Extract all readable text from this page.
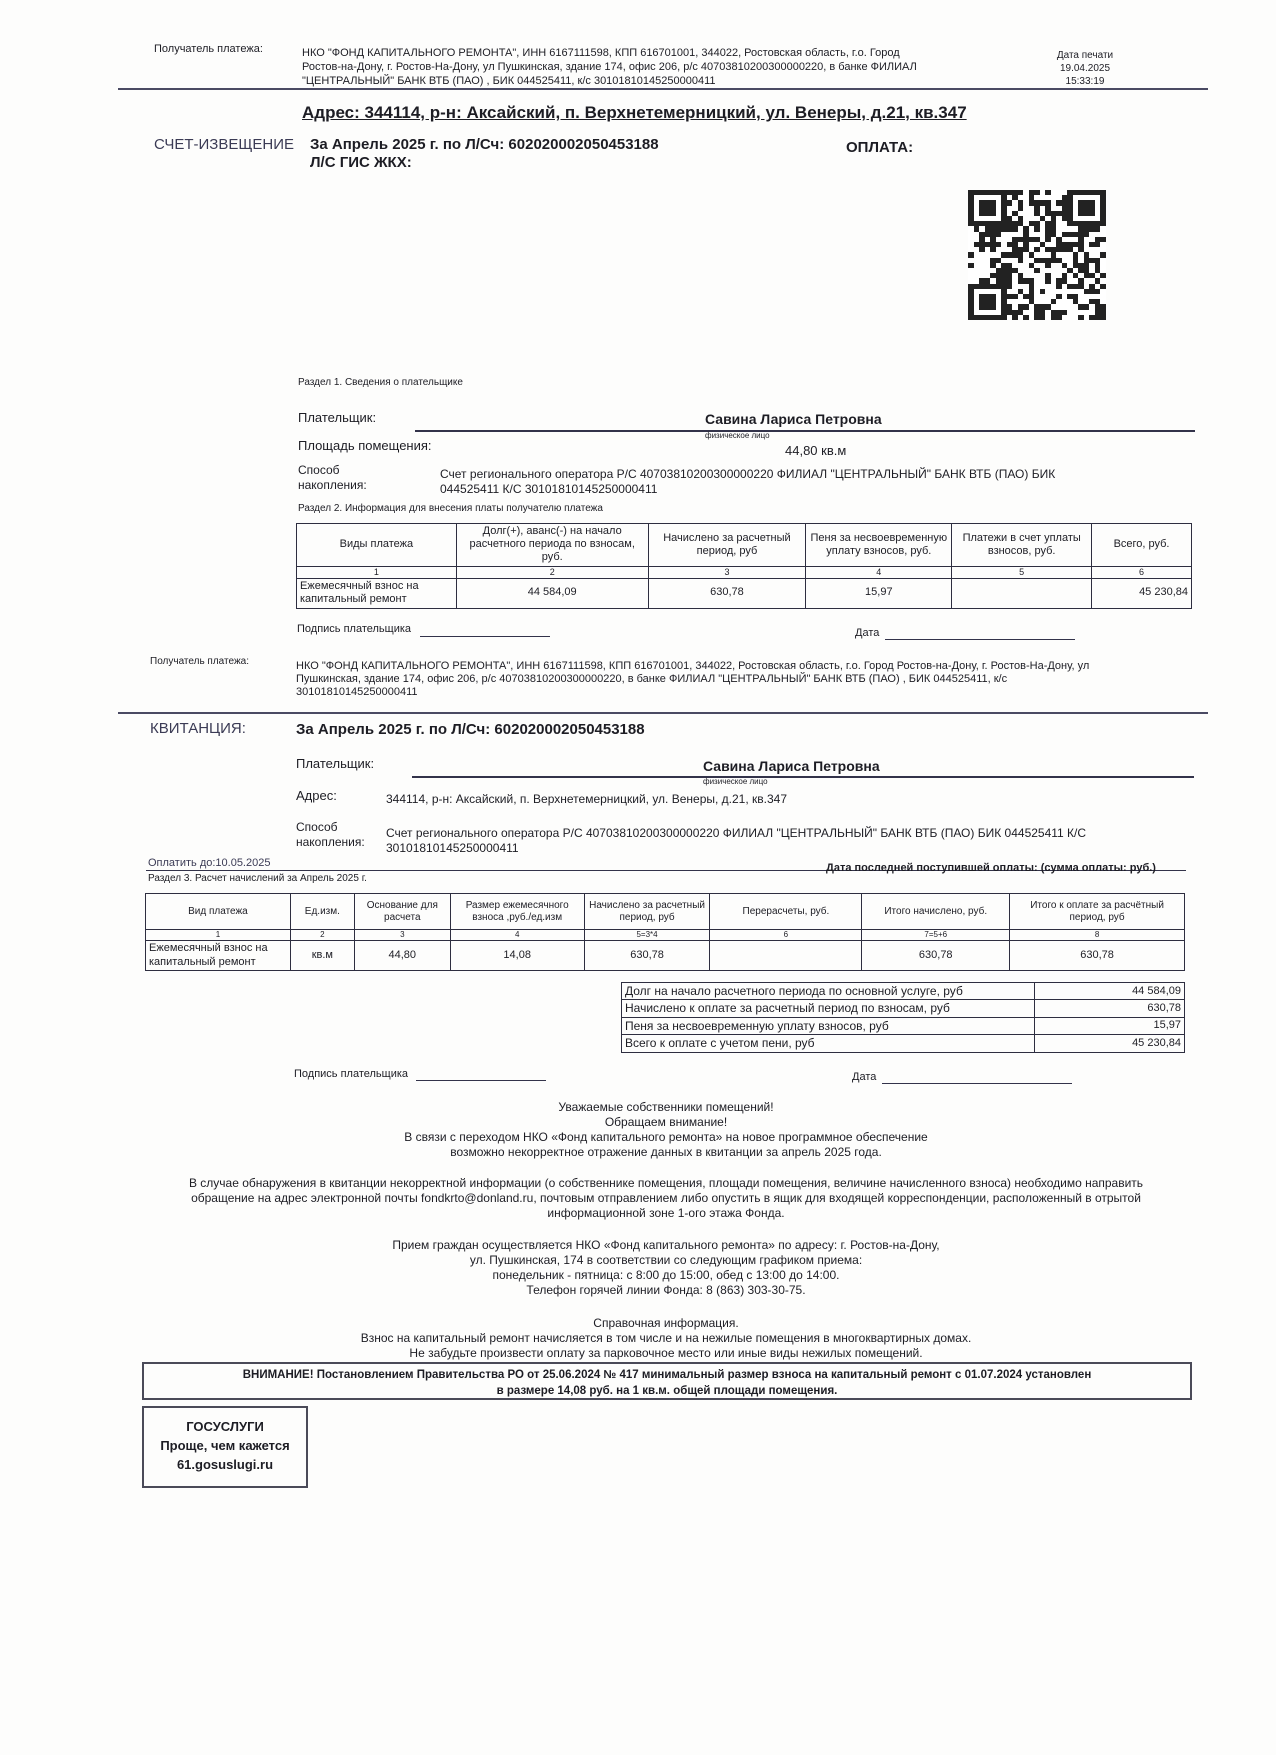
Получатель платежа:	НКО "ФОНД КАПИТАЛЬНОГО РЕМОНТА", ИНН 6167111598, КПП 616701001, 344022, Ростовская область, г.о. Город
Ростов-на-Дону, г. Ростов-На-Дону, ул Пушкинская, здание 174, офис 206, р/с 40703810200300000220, в банке ФИЛИАЛ
"ЦЕНТРАЛЬНЫЙ" БАНК ВТБ (ПАО) , БИК 044525411, к/с 30101810145250000411
Дата печати
19.04.2025 15:33:19
Адрес: 344114, р-н: Аксайский, п. Верхнетемерницкий, ул. Венеры, д.21, кв.347
СЧЕТ-ИЗВЕЩЕНИЕ За Апрель 2025 г. по Л/Сч: 602020002050453188
Л/С ГИС ЖКХ:
ОПЛАТА:
Раздел 1. Сведения о плательщике
Плательщик:	Савина Лариса Петровна
физическое лицо
Площадь помещения:	44,80 кв.м
Способ
накопления:
Счет регионального оператора Р/С 40703810200300000220 ФИЛИАЛ "ЦЕНТРАЛЬНЫЙ" БАНК ВТБ (ПАО) БИК
044525411 К/С 30101810145250000411
Раздел 2. Информация для внесения платы получателю платежа
Виды платежа	Долг(+), аванс(-) на начало расчетного периода по взносам, руб.	Начислено за расчетный период, руб	Пеня за несвоевременную уплату взносов, руб.	Платежи в счет уплаты взносов, руб.	Всего, руб.
1	2	3	4	5	6
Ежемесячный взнос на капитальный ремонт	44 584,09	630,78	15,97		45 230,84
Подпись плательщика	Дата
Получатель платежа:	НКО "ФОНД КАПИТАЛЬНОГО РЕМОНТА", ИНН 6167111598, КПП 616701001, 344022, Ростовская область, г.о. Город Ростов-на-Дону, г. Ростов-На-Дону, ул
Пушкинская, здание 174, офис 206, р/с 40703810200300000220, в банке ФИЛИАЛ "ЦЕНТРАЛЬНЫЙ" БАНК ВТБ (ПАО) , БИК 044525411, к/с
30101810145250000411
КВИТАНЦИЯ:	За Апрель 2025 г. по Л/Сч: 602020002050453188
Плательщик:	Савина Лариса Петровна
физическое лицо
Адрес:	344114, р-н: Аксайский, п. Верхнетемерницкий, ул. Венеры, д.21, кв.347
Способ
накопления:
Счет регионального оператора Р/С 40703810200300000220 ФИЛИАЛ "ЦЕНТРАЛЬНЫЙ" БАНК ВТБ (ПАО) БИК 044525411 К/С
30101810145250000411
Оплатить до:10.05.2025	Дата последней поступившей оплаты: (сумма оплаты: руб.)
Раздел 3. Расчет начислений за Апрель 2025 г.
Вид платежа	Ед.изм.	Основание для расчета	Размер ежемесячного взноса ,руб./ед.изм	Начислено за расчетный период, руб	Перерасчеты, руб.	Итого начислено, руб.	Итого к оплате за расчётный период, руб
1	2	3	4	5=3*4	6	7=5+6	8
Ежемесячный взнос на капитальный ремонт	кв.м	44,80	14,08	630,78		630,78	630,78
Долг на начало расчетного периода по основной услуге, руб	44 584,09
Начислено к оплате за расчетный период по взносам, руб	630,78
Пеня за несвоевременную уплату взносов, руб	15,97
Всего к оплате с учетом пени, руб	45 230,84
Подпись плательщика	Дата
Уважаемые собственники помещений!
Обращаем внимание!
В связи с переходом НКО «Фонд капитального ремонта» на новое программное обеспечение
возможно некорректное отражение данных в квитанции за апрель 2025 года.
В случае обнаружения в квитанции некорректной информации (о собственнике помещения, площади помещения, величине начисленного взноса) необходимо направить
обращение на адрес электронной почты fondkrto@donland.ru, почтовым отправлением либо опустить в ящик для входящей корреспонденции, расположенный в отрытой
информационной зоне 1-ого этажа Фонда.
Прием граждан осуществляется НКО «Фонд капитального ремонта» по адресу: г. Ростов-на-Дону,
ул. Пушкинская, 174 в соответствии со следующим графиком приема:
понедельник - пятница: с 8:00 до 15:00, обед с 13:00 до 14:00.
Телефон горячей линии Фонда: 8 (863) 303-30-75.
Справочная информация.
Взнос на капитальный ремонт начисляется в том числе и на нежилые помещения в многоквартирных домах.
Не забудьте произвести оплату за парковочное место или иные виды нежилых помещений.
ВНИМАНИЕ! Постановлением Правительства РО от 25.06.2024 № 417 минимальный размер взноса на капитальный ремонт с 01.07.2024 установлен
в размере 14,08 руб. на 1 кв.м. общей площади помещения.
ГОСУСЛУГИ
Проще, чем кажется
61.gosuslugi.ru
